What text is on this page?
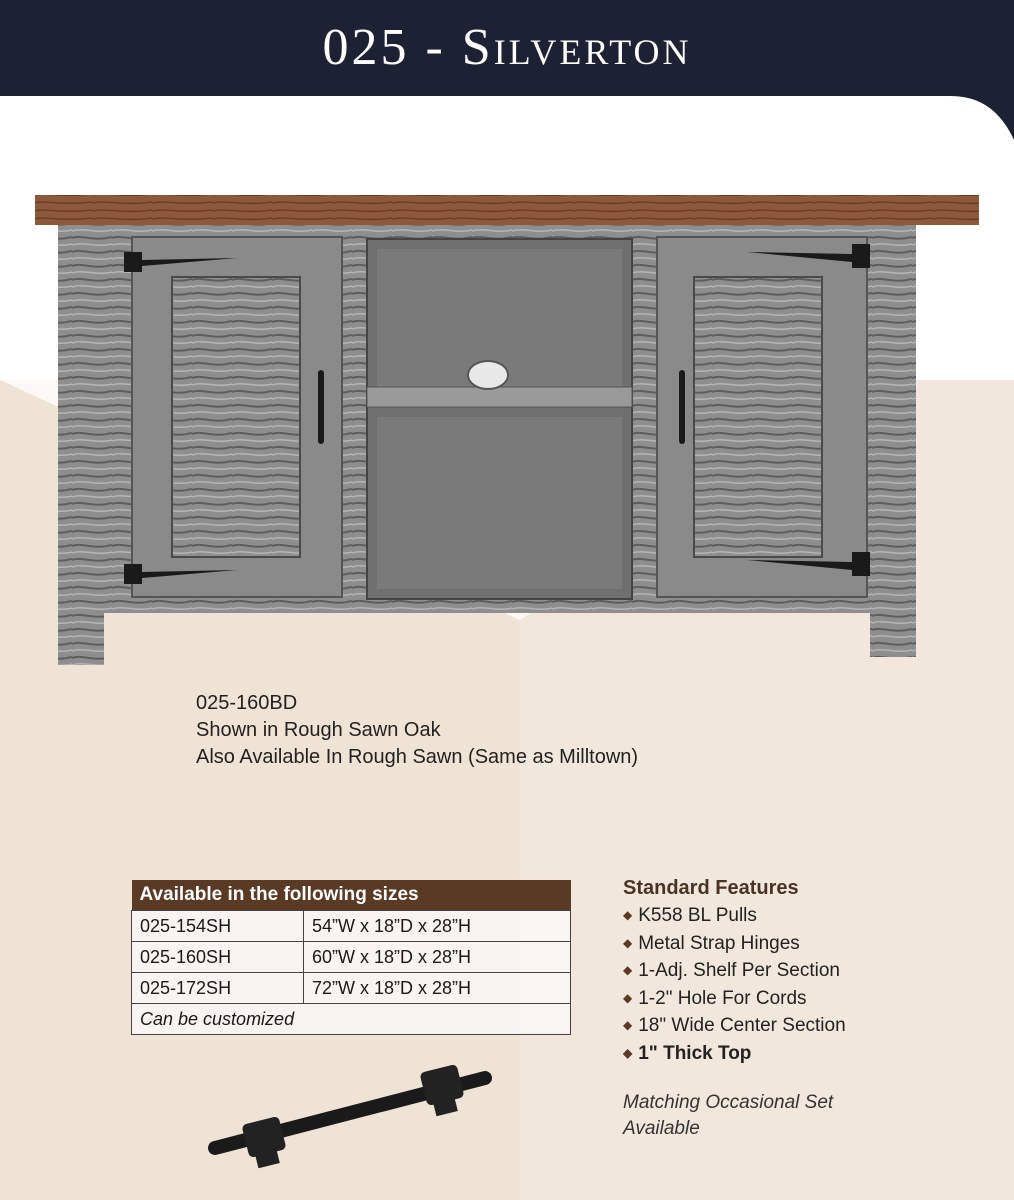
025 - Silverton
025-160BD
Shown in Rough Sawn Oak
Also Available In Rough Sawn (Same as Milltown)
Available in the following sizes	
025-154SH	54”W x 18”D x 28”H
025-160SH	60”W x 18”D x 28”H
025-172SH	72”W x 18”D x 28”H
Can be customized	
Standard Features
◆ K558 BL Pulls
◆ Metal Strap Hinges
◆ 1-Adj. Shelf Per Section
◆ 1-2" Hole For Cords
◆ 18" Wide Center Section
◆ 1" Thick Top
Matching Occasional Set
Available
